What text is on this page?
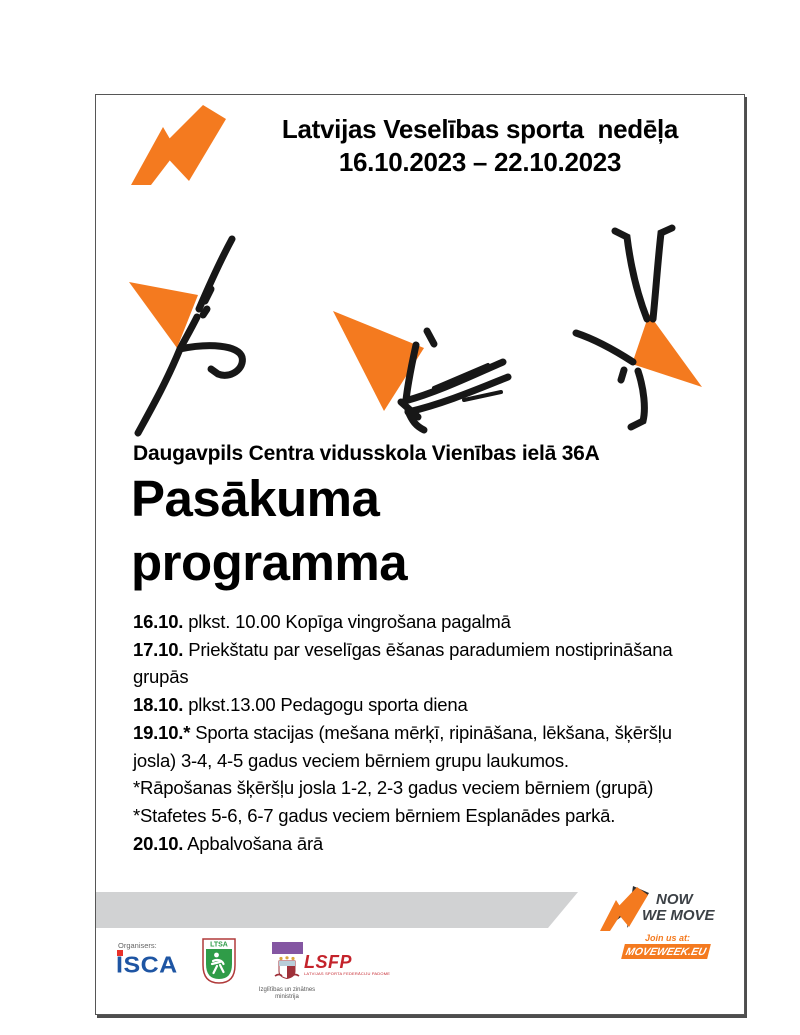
Latvijas Veselības sporta  nedēļa
16.10.2023 – 22.10.2023
Daugavpils Centra vidusskola Vienības ielā 36A
Pasākuma
programma
16.10. plkst. 10.00 Kopīga vingrošana pagalmā
17.10. Priekštatu par veselīgas ēšanas paradumiem nostiprināšana
grupās
18.10. plkst.13.00 Pedagogu sporta diena
19.10.* Sporta stacijas (mešana mērķī, ripināšana, lēkšana, šķēršļu
josla) 3-4, 4-5 gadus veciem bērniem grupu laukumos.
*Rāpošanas šķēršļu josla 1-2, 2-3 gadus veciem bērniem (grupā)
*Stafetes 5-6, 6-7 gadus veciem bērniem Esplanādes parkā.
20.10. Apbalvošana ārā
NOW
WE MOVE
Join us at:
MOVEWEEK.EU
Organisers:
ISCA
LTSA
Izglītības un zinātnes ministrija
LSFP
LATVIJAS SPORTA FEDERĀCIJU PADOME
